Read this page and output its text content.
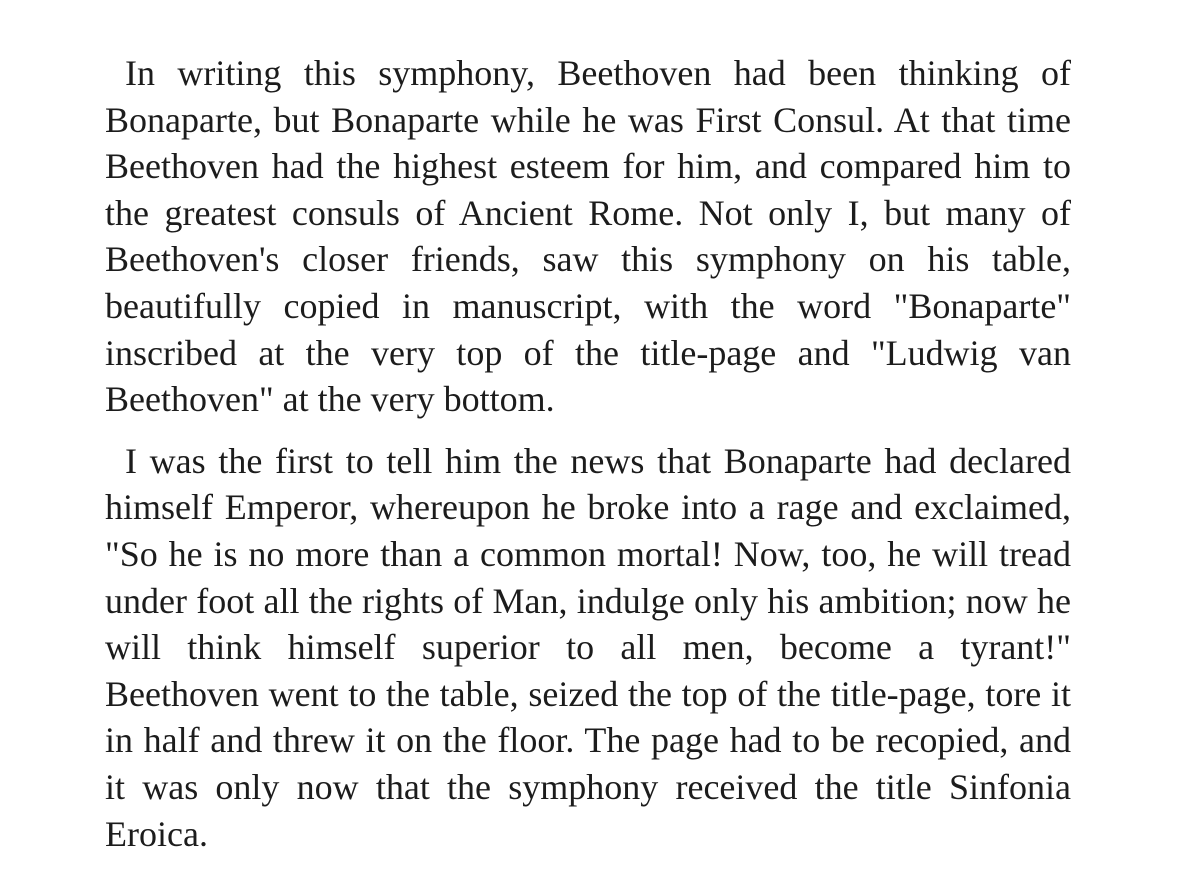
In writing this symphony, Beethoven had been thinking of Bonaparte, but Bonaparte while he was First Consul. At that time Beethoven had the highest esteem for him, and compared him to the greatest consuls of Ancient Rome. Not only I, but many of Beethoven's closer friends, saw this symphony on his table, beautifully copied in manuscript, with the word "Bonaparte" inscribed at the very top of the title-page and "Ludwig van Beethoven" at the very bottom.

I was the first to tell him the news that Bonaparte had declared himself Emperor, whereupon he broke into a rage and exclaimed, "So he is no more than a common mortal! Now, too, he will tread under foot all the rights of Man, indulge only his ambition; now he will think himself superior to all men, become a tyrant!" Beethoven went to the table, seized the top of the title-page, tore it in half and threw it on the floor. The page had to be recopied, and it was only now that the symphony received the title Sinfonia Eroica.
